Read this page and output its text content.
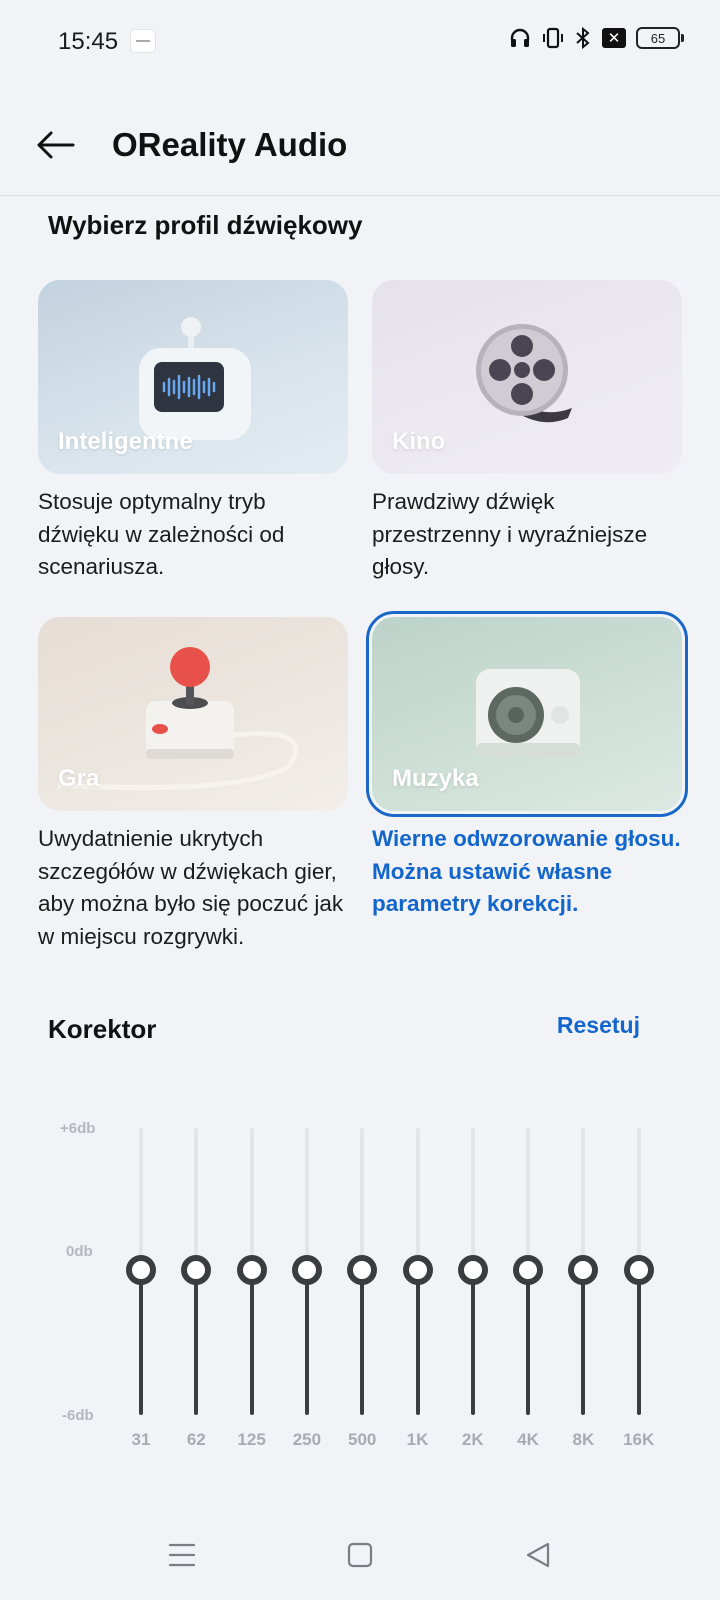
15:45	✕	65
OReality Audio
Wybierz profil dźwiękowy
Inteligentne
Stosuje optymalny tryb dźwięku w zależności od scenariusza.
Kino
Prawdziwy dźwięk przestrzenny i wyraźniejsze głosy.
Gra
Uwydatnienie ukrytych szczegółów w dźwiękach gier, aby można było się poczuć jak w miejscu rozgrywki.
Muzyka
Wierne odwzorowanie głosu. Można ustawić własne parametry korekcji.
Korektor	Resetuj
+6db
0db
-6db
31	62	125	250	500	1K	2K	4K	8K	16K
